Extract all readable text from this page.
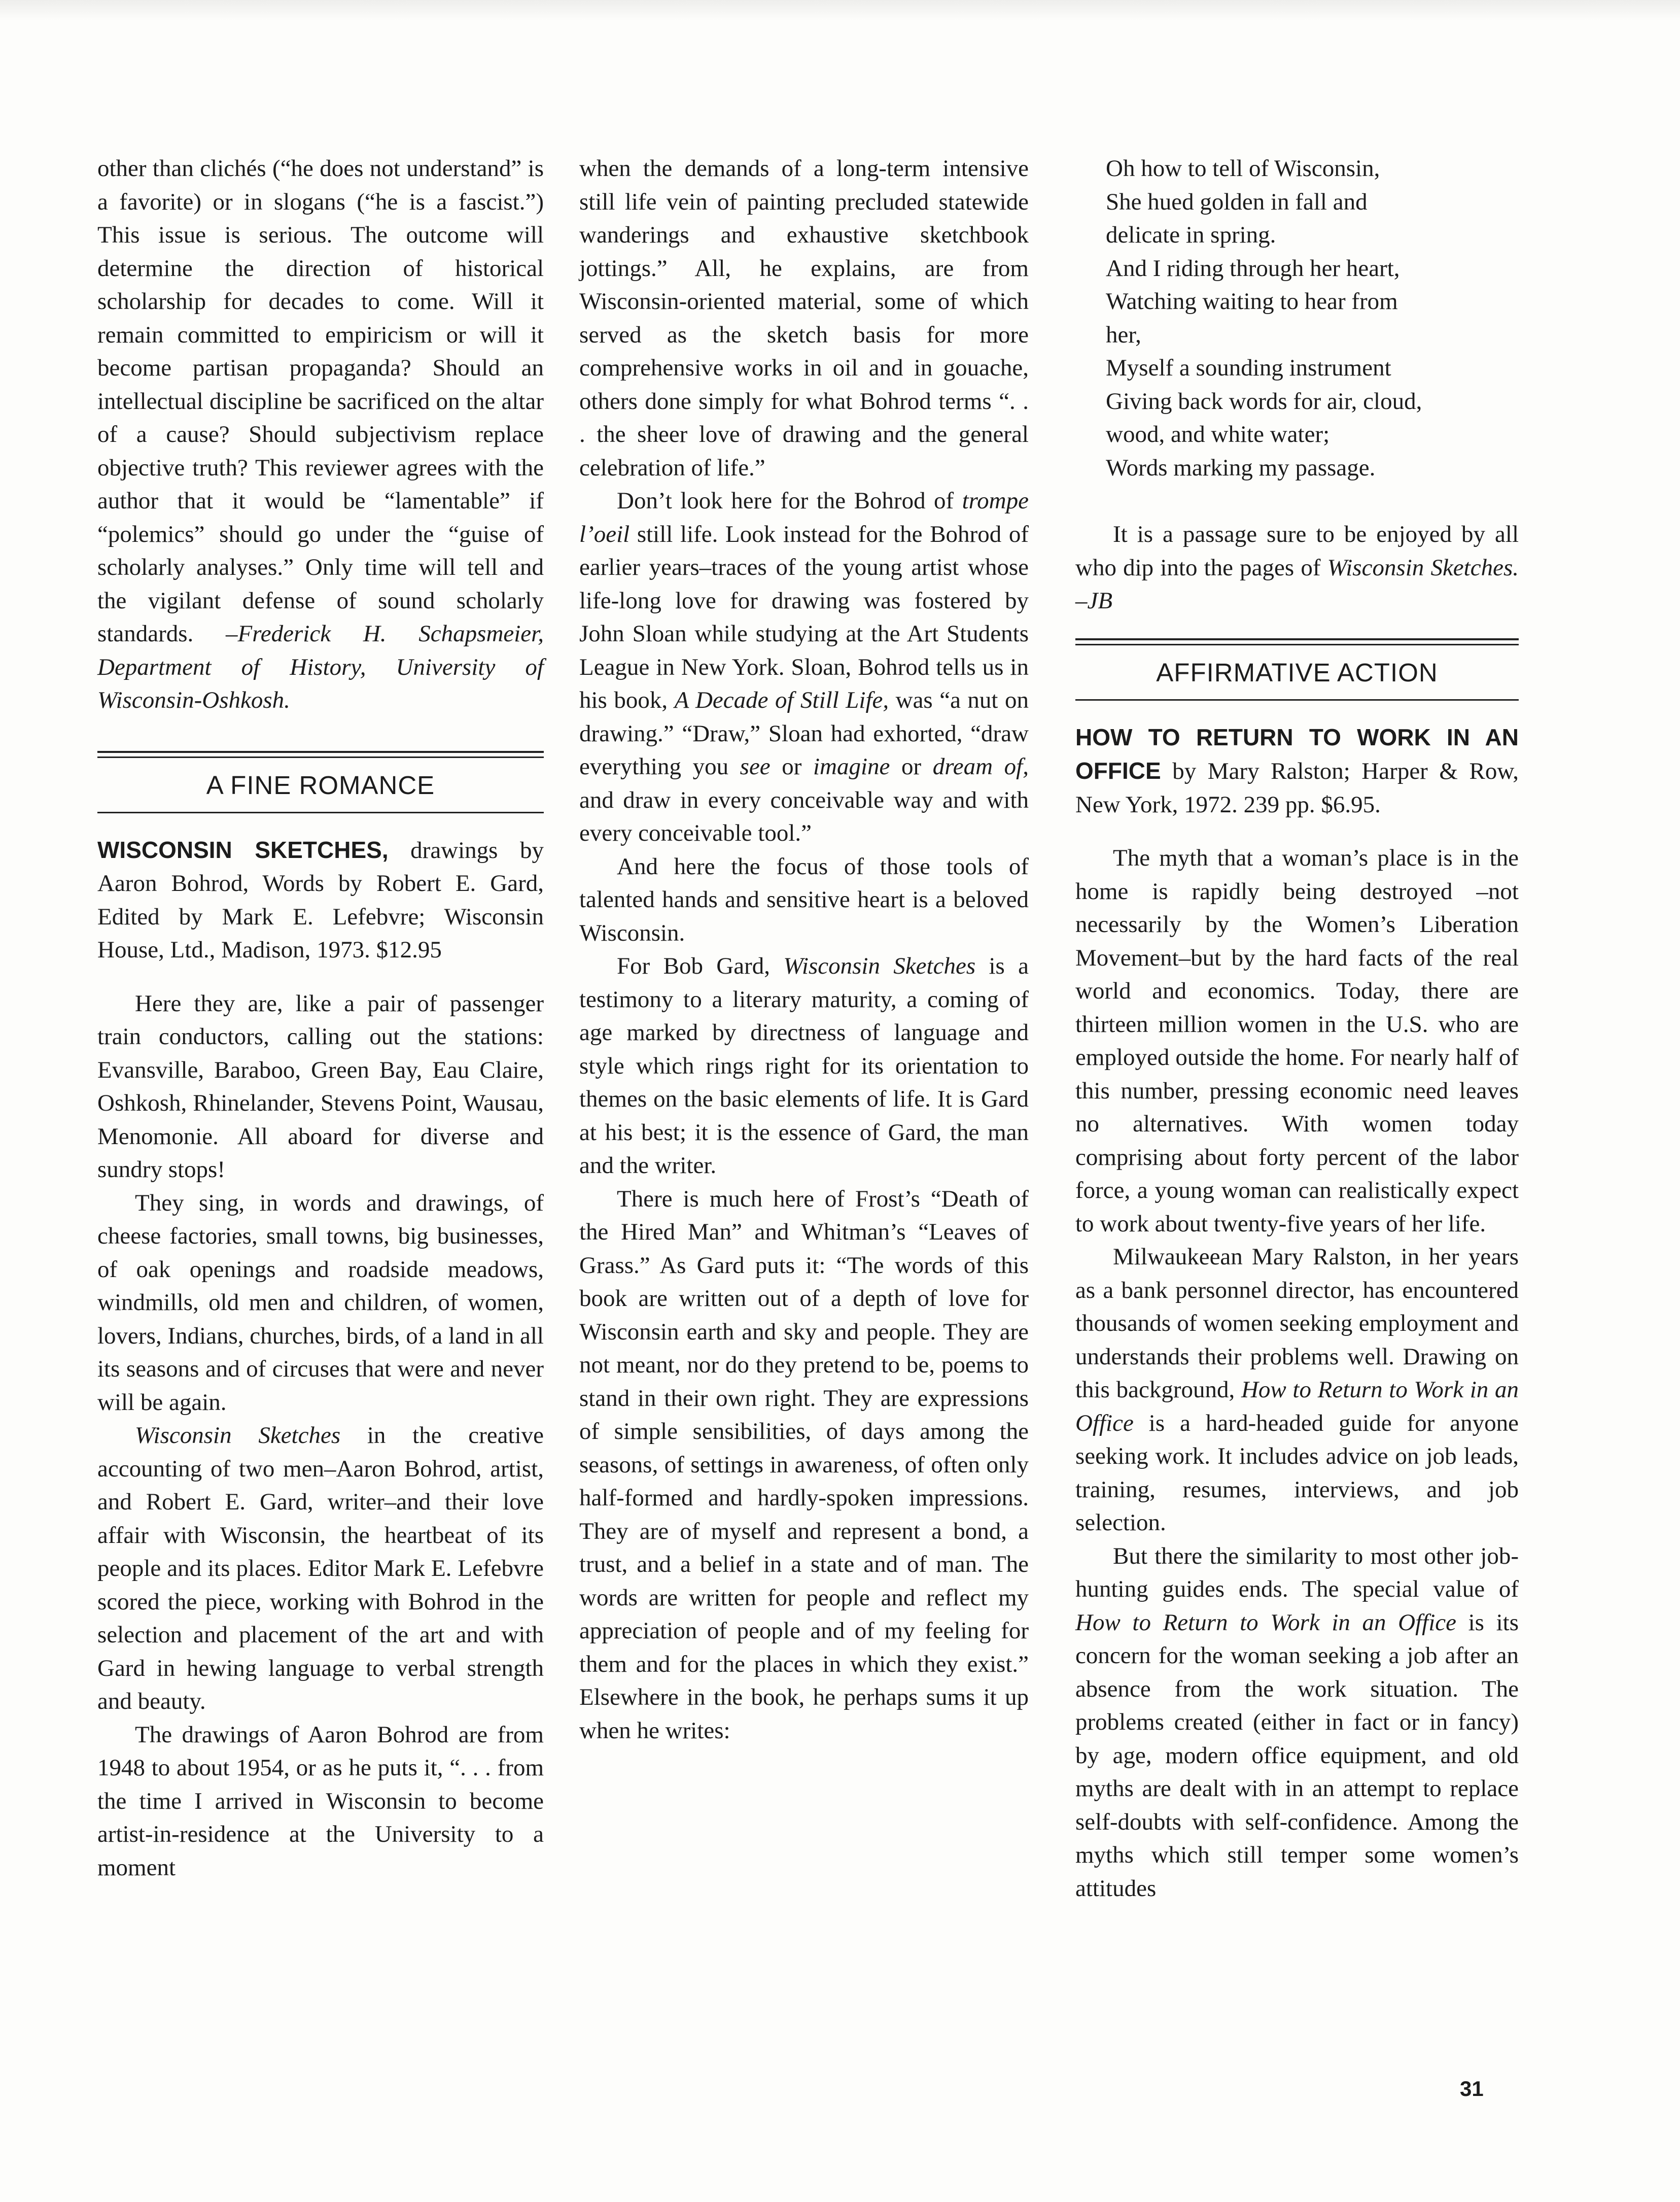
other than clichés (“he does not understand” is a favorite) or in slogans (“he is a fascist.”) This issue is serious. The outcome will determine the direction of historical scholarship for decades to come. Will it remain committed to empiricism or will it become partisan propaganda? Should an intellectual discipline be sacrificed on the altar of a cause? Should subjectivism replace objective truth? This reviewer agrees with the author that it would be “lamentable” if “polemics” should go under the “guise of scholarly analyses.” Only time will tell and the vigilant defense of sound scholarly standards. –Frederick H. Schapsmeier, Department of History, University of Wisconsin-Oshkosh.

A FINE ROMANCE

WISCONSIN SKETCHES, drawings by Aaron Bohrod, Words by Robert E. Gard, Edited by Mark E. Lefebvre; Wisconsin House, Ltd., Madison, 1973. $12.95

Here they are, like a pair of passenger train conductors, calling out the stations: Evansville, Baraboo, Green Bay, Eau Claire, Oshkosh, Rhinelander, Stevens Point, Wausau, Menomonie. All aboard for diverse and sundry stops!

They sing, in words and drawings, of cheese factories, small towns, big businesses, of oak openings and roadside meadows, windmills, old men and children, of women, lovers, Indians, churches, birds, of a land in all its seasons and of circuses that were and never will be again.

Wisconsin Sketches in the creative accounting of two men–Aaron Bohrod, artist, and Robert E. Gard, writer–and their love affair with Wisconsin, the heartbeat of its people and its places. Editor Mark E. Lefebvre scored the piece, working with Bohrod in the selection and placement of the art and with Gard in hewing language to verbal strength and beauty.

The drawings of Aaron Bohrod are from 1948 to about 1954, or as he puts it, “. . . from the time I arrived in Wisconsin to become artist-in-residence at the University to a moment

when the demands of a long-term intensive still life vein of painting precluded statewide wanderings and exhaustive sketchbook jottings.” All, he explains, are from Wisconsin-oriented material, some of which served as the sketch basis for more comprehensive works in oil and in gouache, others done simply for what Bohrod terms “. . . the sheer love of drawing and the general celebration of life.”

Don’t look here for the Bohrod of trompe l’oeil still life. Look instead for the Bohrod of earlier years–traces of the young artist whose life-long love for drawing was fostered by John Sloan while studying at the Art Students League in New York. Sloan, Bohrod tells us in his book, A Decade of Still Life, was “a nut on drawing.” “Draw,” Sloan had exhorted, “draw everything you see or imagine or dream of, and draw in every conceivable way and with every conceivable tool.”

And here the focus of those tools of talented hands and sensitive heart is a beloved Wisconsin.

For Bob Gard, Wisconsin Sketches is a testimony to a literary maturity, a coming of age marked by directness of language and style which rings right for its orientation to themes on the basic elements of life. It is Gard at his best; it is the essence of Gard, the man and the writer.

There is much here of Frost’s “Death of the Hired Man” and Whitman’s “Leaves of Grass.” As Gard puts it: “The words of this book are written out of a depth of love for Wisconsin earth and sky and people. They are not meant, nor do they pretend to be, poems to stand in their own right. They are expressions of simple sensibilities, of days among the seasons, of settings in awareness, of often only half-formed and hardly-spoken impressions. They are of myself and represent a bond, a trust, and a belief in a state and of man. The words are written for people and reflect my appreciation of people and of my feeling for them and for the places in which they exist.” Elsewhere in the book, he perhaps sums it up when he writes:

Oh how to tell of Wisconsin,

She hued golden in fall and

delicate in spring.

And I riding through her heart,

Watching waiting to hear from

her,

Myself a sounding instrument

Giving back words for air, cloud,

wood, and white water;

Words marking my passage.

It is a passage sure to be enjoyed by all who dip into the pages of Wisconsin Sketches. –JB

AFFIRMATIVE ACTION

HOW TO RETURN TO WORK IN AN OFFICE by Mary Ralston; Harper & Row, New York, 1972. 239 pp. $6.95.

The myth that a woman’s place is in the home is rapidly being destroyed –not necessarily by the Women’s Liberation Movement–but by the hard facts of the real world and economics. Today, there are thirteen million women in the U.S. who are employed outside the home. For nearly half of this number, pressing economic need leaves no alternatives. With women today comprising about forty percent of the labor force, a young woman can realistically expect to work about twenty-five years of her life.

Milwaukeean Mary Ralston, in her years as a bank personnel director, has encountered thousands of women seeking employment and understands their problems well. Drawing on this background, How to Return to Work in an Office is a hard-headed guide for anyone seeking work. It includes advice on job leads, training, resumes, interviews, and job selection.

But there the similarity to most other job-hunting guides ends. The special value of How to Return to Work in an Office is its concern for the woman seeking a job after an absence from the work situation. The problems created (either in fact or in fancy) by age, modern office equipment, and old myths are dealt with in an attempt to replace self-doubts with self-confidence. Among the myths which still temper some women’s attitudes

31
